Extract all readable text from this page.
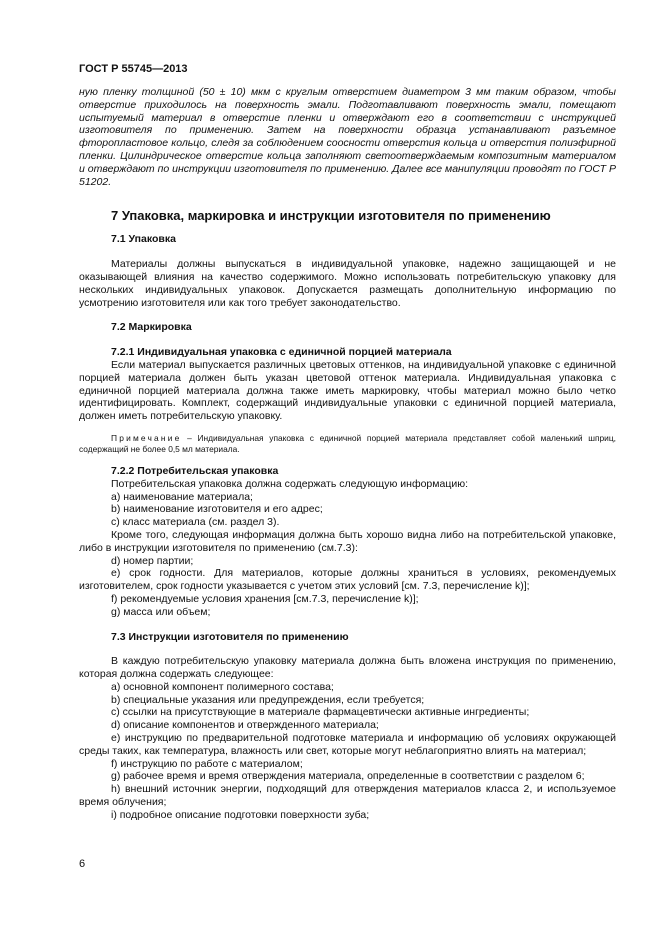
ГОСТ Р 55745—2013

ную пленку толщиной (50 ± 10) мкм с круглым отверстием диаметром 3 мм таким образом, чтобы отверстие приходилось на поверхность эмали. Подготавливают поверхность эмали, помещают испытуемый материал в отверстие пленки и отверждают его в соответствии с инструкцией изготовителя по применению. Затем на поверхности образца устанавливают разъемное фторопластовое кольцо, следя за соблюдением соосности отверстия кольца и отверстия полиэфирной пленки. Цилиндрическое отверстие кольца заполняют светоотверждаемым композитным материалом и отверждают по инструкции изготовителя по применению. Далее все манипуляции проводят по ГОСТ Р 51202.

7 Упаковка, маркировка и инструкции изготовителя по применению

7.1 Упаковка

Материалы должны выпускаться в индивидуальной упаковке, надежно защищающей и не оказывающей влияния на качество содержимого. Можно использовать потребительскую упаковку для нескольких индивидуальных упаковок. Допускается размещать дополнительную информацию по усмотрению изготовителя или как того требует законодательство.

7.2 Маркировка

7.2.1 Индивидуальная упаковка с единичной порцией материала

Если материал выпускается различных цветовых оттенков, на индивидуальной упаковке с единичной порцией материала должен быть указан цветовой оттенок материала. Индивидуальная упаковка с единичной порцией материала должна также иметь маркировку, чтобы материал можно было четко идентифицировать. Комплект, содержащий индивидуальные упаковки с единичной порцией материала, должен иметь потребительскую упаковку.

Примечание – Индивидуальная упаковка с единичной порцией материала представляет собой маленький шприц, содержащий не более 0,5 мл материала.

7.2.2 Потребительская упаковка

Потребительская упаковка должна содержать следующую информацию:

а) наименование материала;

b) наименование изготовителя и его адрес;

с) класс материала (см. раздел 3).

Кроме того, следующая информация должна быть хорошо видна либо на потребительской упаковке, либо в инструкции изготовителя по применению (см.7.3):

d) номер партии;

е) срок годности. Для материалов, которые должны храниться в условиях, рекомендуемых изготовителем, срок годности указывается с учетом этих условий [см. 7.3, перечисление k)];

f) рекомендуемые условия хранения [см.7.3, перечисление k)];

g) масса или объем;

7.3 Инструкции изготовителя по применению

В каждую потребительскую упаковку материала должна быть вложена инструкция по применению, которая должна содержать следующее:

а) основной компонент полимерного состава;

b) специальные указания или предупреждения, если требуется;

с) ссылки на присутствующие в материале фармацевтически активные ингредиенты;

d) описание компонентов и отвержденного материала;

е) инструкцию по предварительной подготовке материала и информацию об условиях окружающей среды таких, как температура, влажность или свет, которые могут неблагоприятно влиять на материал;

f) инструкцию по работе с материалом;

g) рабочее время и время отверждения материала, определенные в соответствии с разделом 6;

h) внешний источник энергии, подходящий для отверждения материалов класса 2, и используемое время облучения;

i) подробное описание подготовки поверхности зуба;

6
